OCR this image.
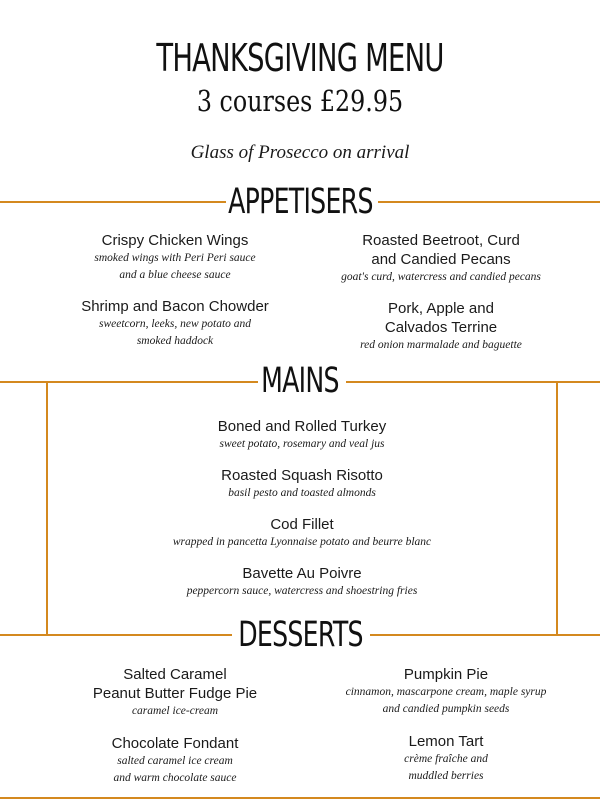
THANKSGIVING MENU
3 courses £29.95
Glass of Prosecco on arrival
APPETISERS
Crispy Chicken Wings
smoked wings with Peri Peri sauce
and a blue cheese sauce
Roasted Beetroot, Curd
and Candied Pecans
goat's curd, watercress and candied pecans
Shrimp and Bacon Chowder
sweetcorn, leeks, new potato and
smoked haddock
Pork, Apple and
Calvados Terrine
red onion marmalade and baguette
MAINS
Boned and Rolled Turkey
sweet potato, rosemary and veal jus
Roasted Squash Risotto
basil pesto and toasted almonds
Cod Fillet
wrapped in pancetta Lyonnaise potato and beurre blanc
Bavette Au Poivre
peppercorn sauce, watercress and shoestring fries
DESSERTS
Salted Caramel
Peanut Butter Fudge Pie
caramel ice-cream
Pumpkin Pie
cinnamon, mascarpone cream, maple syrup
and candied pumpkin seeds
Chocolate Fondant
salted caramel ice cream
and warm chocolate sauce
Lemon Tart
crème fraîche and
muddled berries
